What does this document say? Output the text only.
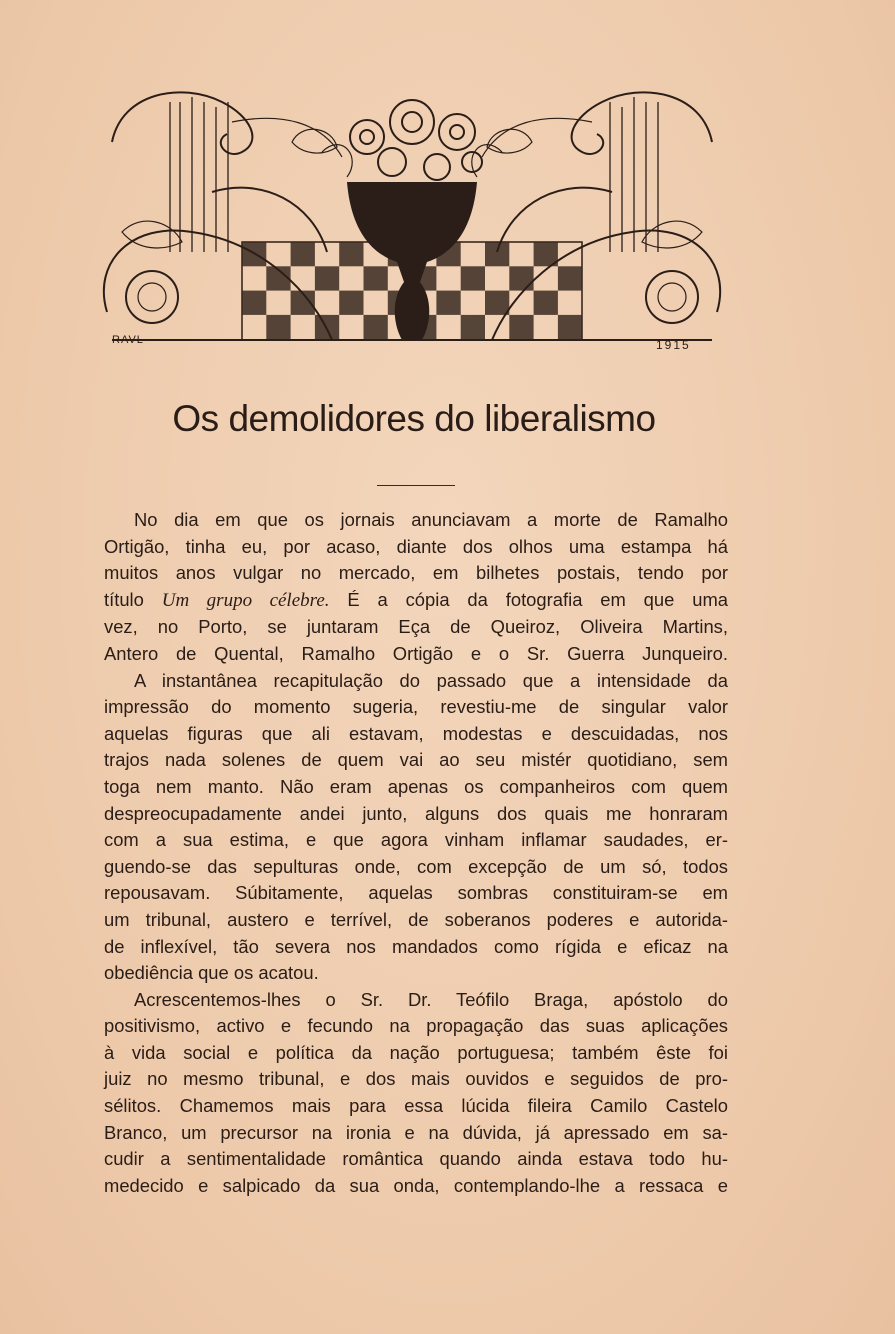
RAVL	1915
Os demolidores do liberalismo

No dia em que os jornais anunciavam a morte de Ramalho
Ortigão, tinha eu, por acaso, diante dos olhos uma estampa há
muitos anos vulgar no mercado, em bilhetes postais, tendo por
título Um grupo célebre. É a cópia da fotografia em que uma
vez, no Porto, se juntaram Eça de Queiroz, Oliveira Martins,
Antero de Quental, Ramalho Ortigão e o Sr. Guerra Junqueiro.

A instantânea recapitulação do passado que a intensidade da
impressão do momento sugeria, revestiu-me de singular valor
aquelas figuras que ali estavam, modestas e descuidadas, nos
trajos nada solenes de quem vai ao seu mistér quotidiano, sem
toga nem manto. Não eram apenas os companheiros com quem
despreocupadamente andei junto, alguns dos quais me honraram
com a sua estima, e que agora vinham inflamar saudades, er-
guendo-se das sepulturas onde, com excepção de um só, todos
repousavam. Súbitamente, aquelas sombras constituiram-se em
um tribunal, austero e terrível, de soberanos poderes e autorida-
de inflexível, tão severa nos mandados como rígida e eficaz na
obediência que os acatou.

Acrescentemos-lhes o Sr. Dr. Teófilo Braga, apóstolo do
positivismo, activo e fecundo na propagação das suas aplicações
à vida social e política da nação portuguesa; também êste foi
juiz no mesmo tribunal, e dos mais ouvidos e seguidos de pro-
sélitos. Chamemos mais para essa lúcida fileira Camilo Castelo
Branco, um precursor na ironia e na dúvida, já apressado em sa-
cudir a sentimentalidade romântica quando ainda estava todo hu-
medecido e salpicado da sua onda, contemplando-lhe a ressaca e
